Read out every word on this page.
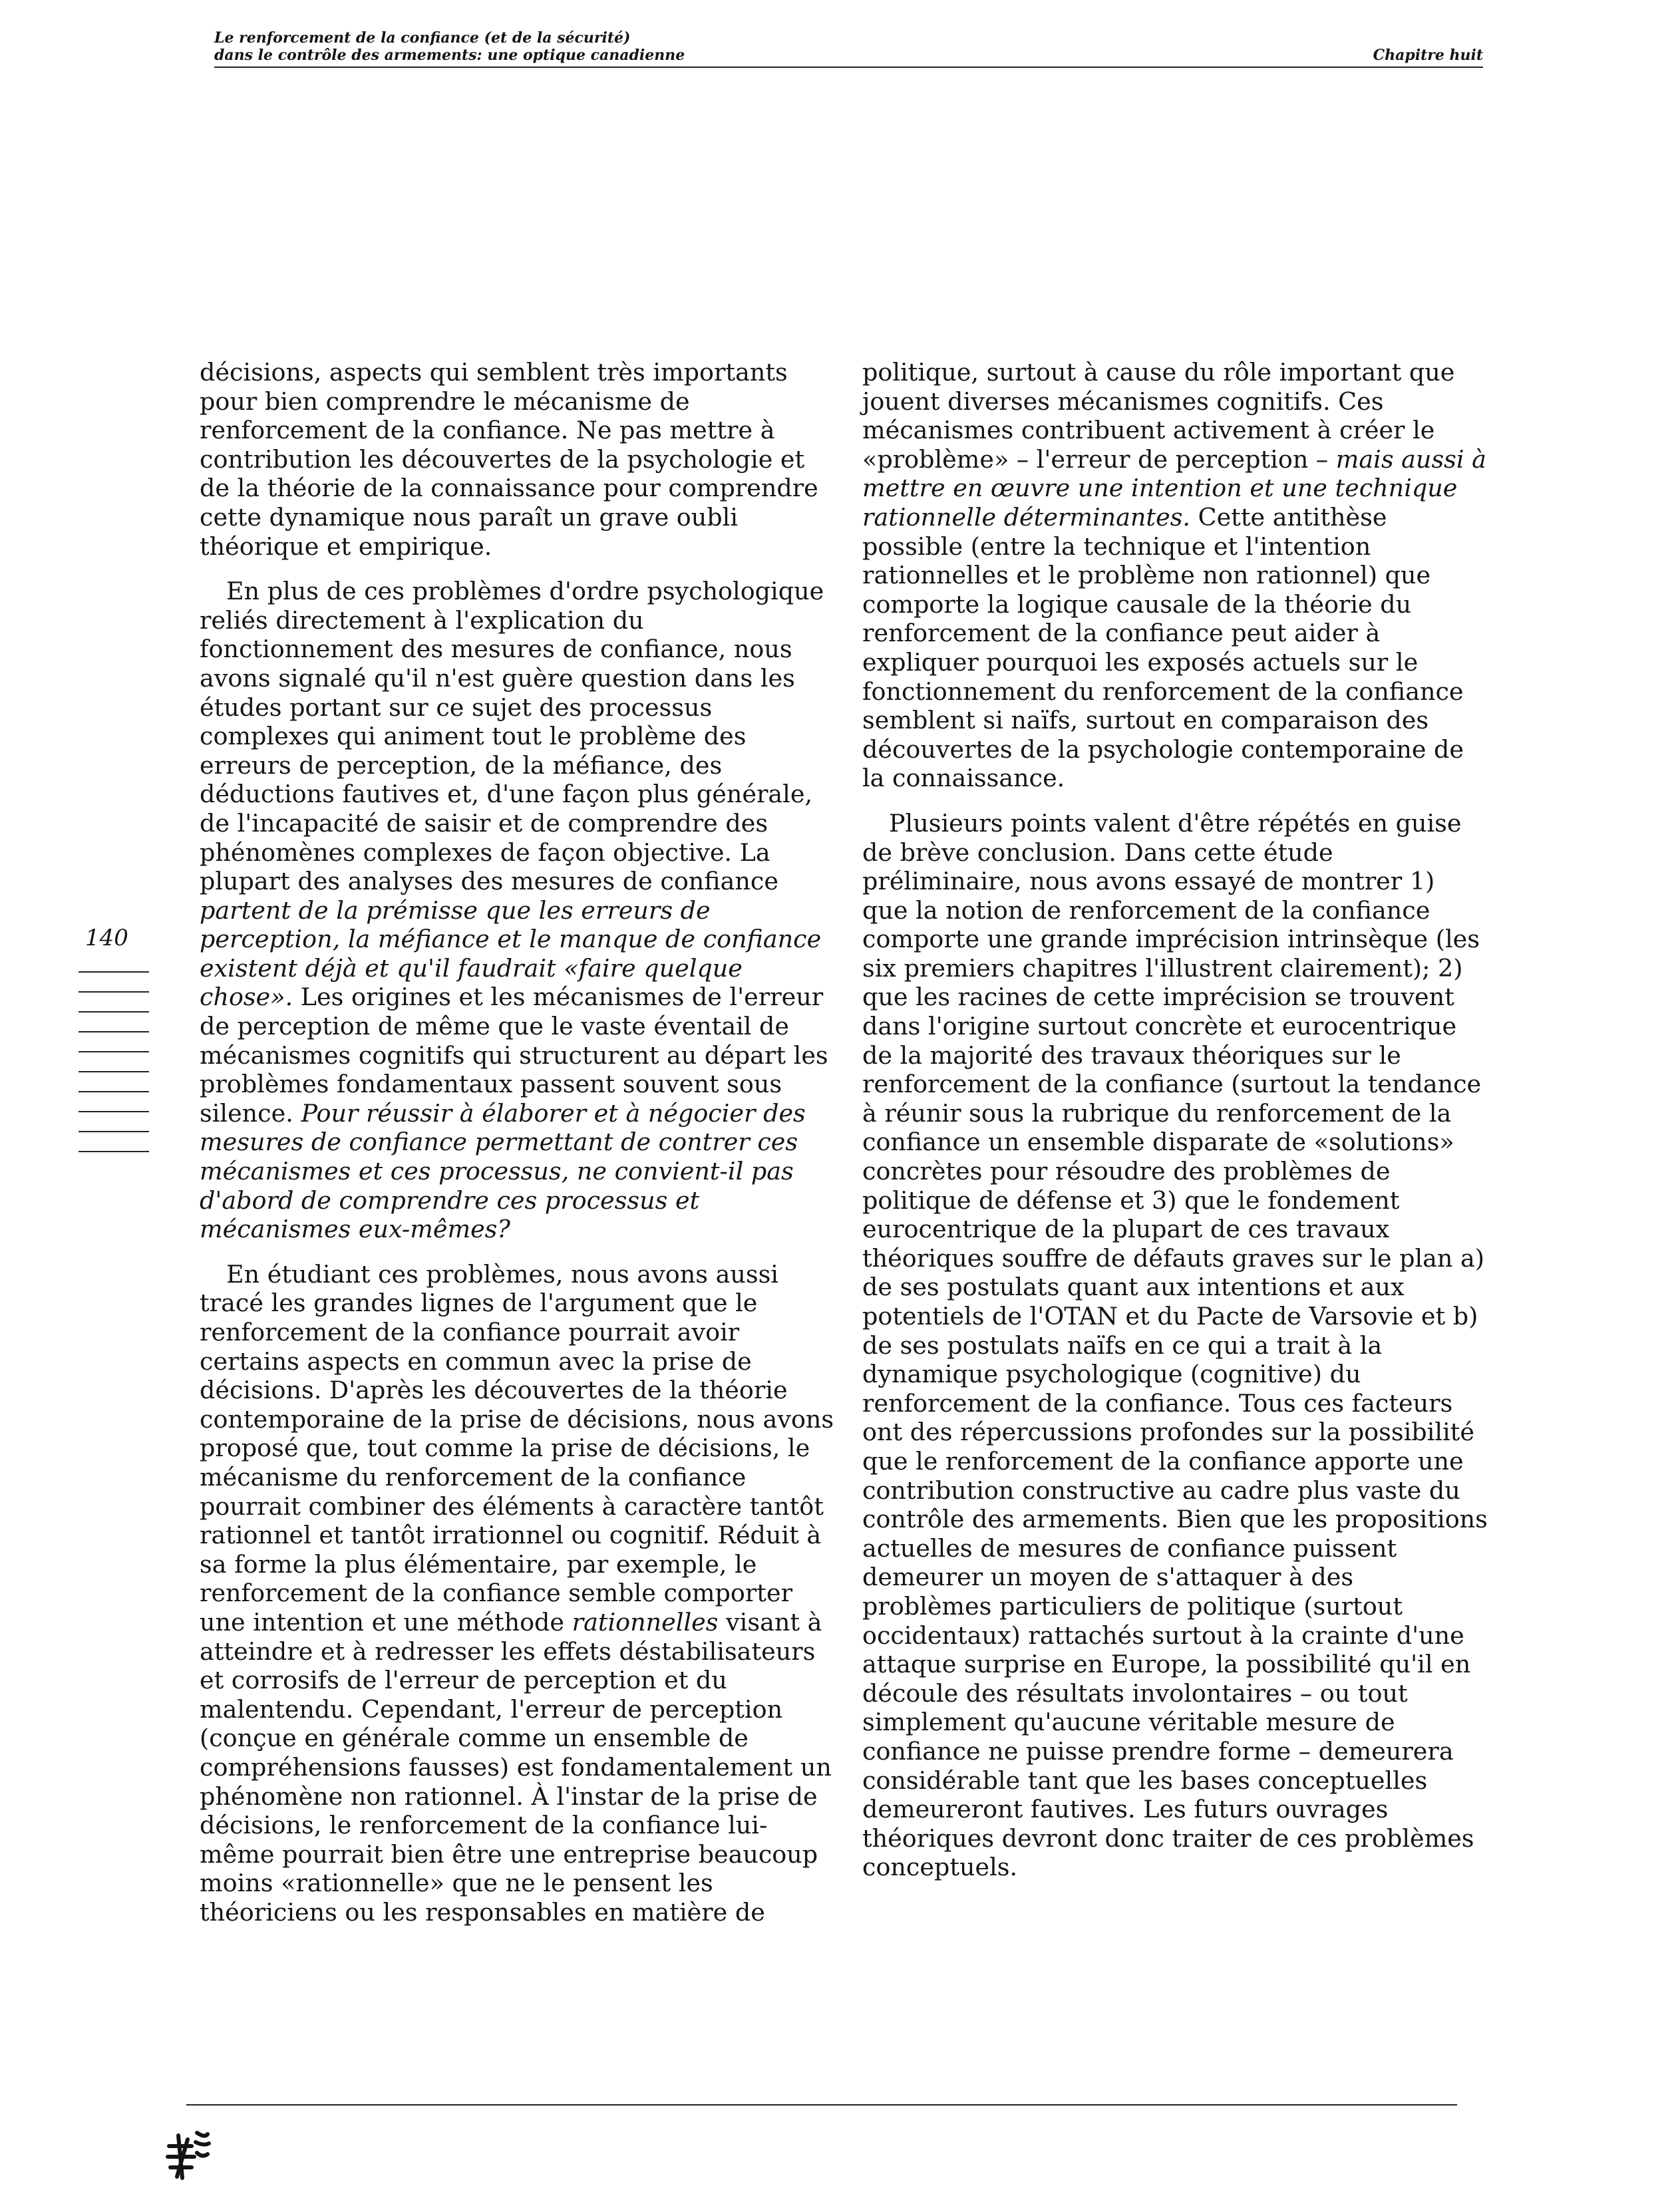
Le renforcement de la confiance (et de la sécurité)
dans le contrôle des armements: une optique canadienne	Chapitre huit

décisions, aspects qui semblent très importants pour bien comprendre le mécanisme de renforcement de la confiance. Ne pas mettre à contribution les découvertes de la psychologie et de la théorie de la connaissance pour comprendre cette dynamique nous paraît un grave oubli théorique et empirique.

En plus de ces problèmes d'ordre psychologique reliés directement à l'explication du fonctionnement des mesures de confiance, nous avons signalé qu'il n'est guère question dans les études portant sur ce sujet des processus complexes qui animent tout le problème des erreurs de perception, de la méfiance, des déductions fautives et, d'une façon plus générale, de l'incapacité de saisir et de comprendre des phénomènes complexes de façon objective. La plupart des analyses des mesures de confiance partent de la prémisse que les erreurs de perception, la méfiance et le manque de confiance existent déjà et qu'il faudrait «faire quelque chose». Les origines et les mécanismes de l'erreur de perception de même que le vaste éventail de mécanismes cognitifs qui structurent au départ les problèmes fondamentaux passent souvent sous silence. Pour réussir à élaborer et à négocier des mesures de confiance permettant de contrer ces mécanismes et ces processus, ne convient-il pas d'abord de comprendre ces processus et mécanismes eux-mêmes?

En étudiant ces problèmes, nous avons aussi tracé les grandes lignes de l'argument que le renforcement de la confiance pourrait avoir certains aspects en commun avec la prise de décisions. D'après les découvertes de la théorie contemporaine de la prise de décisions, nous avons proposé que, tout comme la prise de décisions, le mécanisme du renforcement de la confiance pourrait combiner des éléments à caractère tantôt rationnel et tantôt irrationnel ou cognitif. Réduit à sa forme la plus élémentaire, par exemple, le renforcement de la confiance semble comporter une intention et une méthode rationnelles visant à atteindre et à redresser les effets déstabilisateurs et corrosifs de l'erreur de perception et du malentendu. Cependant, l'erreur de perception (conçue en générale comme un ensemble de compréhensions fausses) est fondamentalement un phénomène non rationnel. À l'instar de la prise de décisions, le renforcement de la confiance lui-même pourrait bien être une entreprise beaucoup moins «rationnelle» que ne le pensent les théoriciens ou les responsables en matière de

politique, surtout à cause du rôle important que jouent diverses mécanismes cognitifs. Ces mécanismes contribuent activement à créer le «problème» – l'erreur de perception – mais aussi à mettre en œuvre une intention et une technique rationnelle déterminantes. Cette antithèse possible (entre la technique et l'intention rationnelles et le problème non rationnel) que comporte la logique causale de la théorie du renforcement de la confiance peut aider à expliquer pourquoi les exposés actuels sur le fonctionnement du renforcement de la confiance semblent si naïfs, surtout en comparaison des découvertes de la psychologie contemporaine de la connaissance.

Plusieurs points valent d'être répétés en guise de brève conclusion. Dans cette étude préliminaire, nous avons essayé de montrer 1) que la notion de renforcement de la confiance comporte une grande imprécision intrinsèque (les six premiers chapitres l'illustrent clairement); 2) que les racines de cette imprécision se trouvent dans l'origine surtout concrète et eurocentrique de la majorité des travaux théoriques sur le renforcement de la confiance (surtout la tendance à réunir sous la rubrique du renforcement de la confiance un ensemble disparate de «solutions» concrètes pour résoudre des problèmes de politique de défense et 3) que le fondement eurocentrique de la plupart de ces travaux théoriques souffre de défauts graves sur le plan a) de ses postulats quant aux intentions et aux potentiels de l'OTAN et du Pacte de Varsovie et b) de ses postulats naïfs en ce qui a trait à la dynamique psychologique (cognitive) du renforcement de la confiance. Tous ces facteurs ont des répercussions profondes sur la possibilité que le renforcement de la confiance apporte une contribution constructive au cadre plus vaste du contrôle des armements. Bien que les propositions actuelles de mesures de confiance puissent demeurer un moyen de s'attaquer à des problèmes particuliers de politique (surtout occidentaux) rattachés surtout à la crainte d'une attaque surprise en Europe, la possibilité qu'il en découle des résultats involontaires – ou tout simplement qu'aucune véritable mesure de confiance ne puisse prendre forme – demeurera considérable tant que les bases conceptuelles demeureront fautives. Les futurs ouvrages théoriques devront donc traiter de ces problèmes conceptuels.

140
